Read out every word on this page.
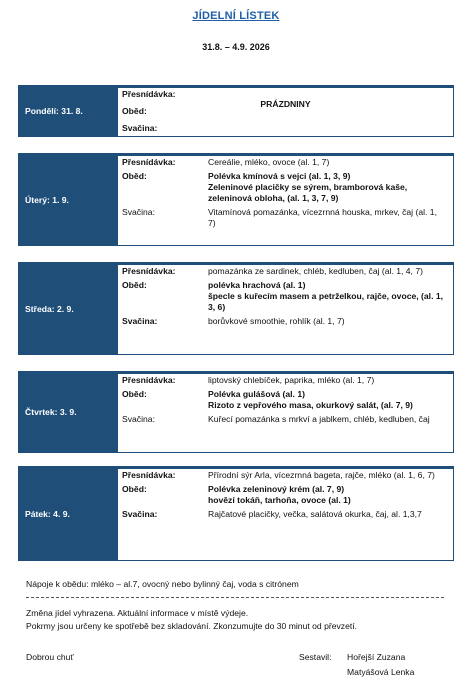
JÍDELNÍ LÍSTEK
31.8. – 4.9. 2026
Pondělí: 31. 8.
Přesnídávka:
Oběd:
Svačina:
PRÁZDNINY
Úterý: 1. 9.
Přesnídávka:	Cereálie, mléko, ovoce (al. 1, 7)
Oběd:	Polévka kmínová s vejci (al. 1, 3, 9)
Zeleninové placičky se sýrem, bramborová kaše, zeleninová obloha, (al. 1, 3, 7, 9)
Svačina:	Vitamínová pomazánka, vícezrnná houska, mrkev, čaj (al. 1, 7)
Středa: 2. 9.
Přesnídávka:	pomazánka ze sardinek, chléb, kedluben, čaj (al. 1, 4, 7)
Oběd:	polévka hrachová (al. 1)
špecle s kuřecím masem a petrželkou, rajče, ovoce, (al. 1, 3, 6)
Svačina:	borůvkové smoothie, rohlík (al. 1, 7)
Čtvrtek: 3. 9.
Přesnídávka:	liptovský chlebíček, paprika, mléko (al. 1, 7)
Oběd:	Polévka gulášová (al. 1)
Rizoto z vepřového masa, okurkový salát, (al. 7, 9)
Svačina:	Kuřecí pomazánka s mrkví a jablkem, chléb, kedluben, čaj
Pátek: 4. 9.
Přesnídávka:	Přírodní sýr Arla, vícezrnná bageta, rajče, mléko (al. 1, 6, 7)
Oběd:	Polévka zeleninový krém (al. 7, 9)
hovězí tokáň, tarhoňa, ovoce (al. 1)
Svačina:	Rajčatové placičky, večka, salátová okurka, čaj, al. 1,3,7
Nápoje k obědu: mléko – al.7, ovocný nebo bylinný čaj, voda s citrónem
Změna jídel vyhrazena. Aktuální informace v místě výdeje.
Pokrmy jsou určeny ke spotřebě bez skladování. Zkonzumujte do 30 minut od převzetí.
Dobrou chuť	Sestavil: Hořejší Zuzana
Matyášová Lenka
